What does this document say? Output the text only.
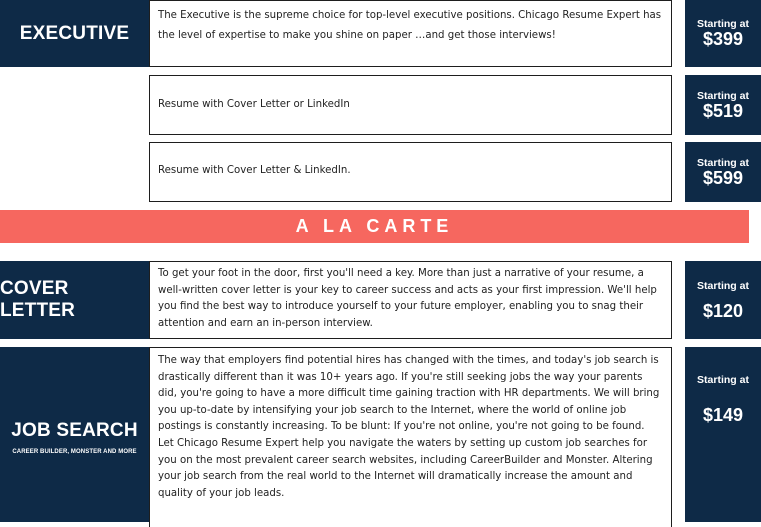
EXECUTIVE
The Executive is the supreme choice for top-level executive positions. Chicago Resume Expert has the level of expertise to make you shine on paper …and get those interviews!
Starting at
$399
Resume with Cover Letter or LinkedIn
Starting at
$519
Resume with Cover Letter & LinkedIn.
Starting at
$599
A LA CARTE
COVER LETTER
To get your foot in the door, first you'll need a key. More than just a narrative of your resume, a well-written cover letter is your key to career success and acts as your first impression. We'll help you find the best way to introduce yourself to your future employer, enabling you to snag their attention and earn an in-person interview.
Starting at
$120
JOB SEARCH
CAREER BUILDER, MONSTER AND MORE
The way that employers find potential hires has changed with the times, and today's job search is drastically different than it was 10+ years ago. If you're still seeking jobs the way your parents did, you're going to have a more difficult time gaining traction with HR departments. We will bring you up-to-date by intensifying your job search to the Internet, where the world of online job postings is constantly increasing. To be blunt: If you're not online, you're not going to be found.
Let Chicago Resume Expert help you navigate the waters by setting up custom job searches for you on the most prevalent career search websites, including CareerBuilder and Monster. Altering your job search from the real world to the Internet will dramatically increase the amount and quality of your job leads.
Starting at
$149
